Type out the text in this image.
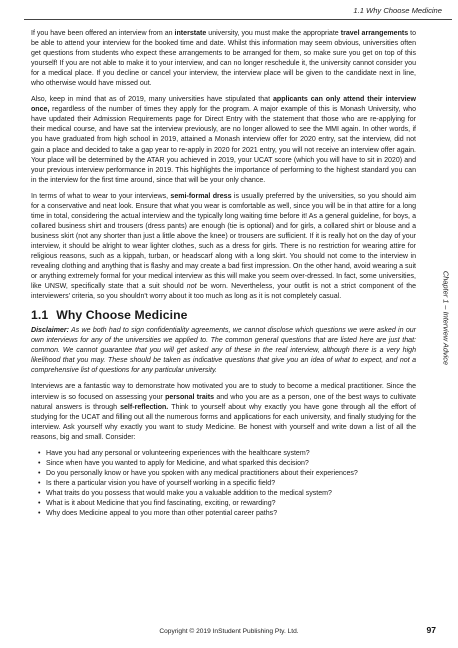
1.1 Why Choose Medicine

If you have been offered an interview from an interstate university, you must make the appropriate travel arrangements to be able to attend your interview for the booked time and date. Whilst this information may seem obvious, universities often get questions from students who expect these arrangements to be arranged for them, so make sure you get on top of this yourself! If you are not able to make it to your interview, and can no longer reschedule it, the university cannot consider you for a medical place. If you decline or cancel your interview, the interview place will be given to the candidate next in line, who otherwise would have missed out.

Also, keep in mind that as of 2019, many universities have stipulated that applicants can only attend their interview once, regardless of the number of times they apply for the program. A major example of this is Monash University, who have updated their Admission Requirements page for Direct Entry with the statement that those who are re-applying for their medical course, and have sat the interview previously, are no longer allowed to see the MMI again. In other words, if you have graduated from high school in 2019, attained a Monash interview offer for 2020 entry, sat the interview, did not gain a place and decided to take a gap year to re-apply in 2020 for 2021 entry, you will not receive an interview offer again. Your place will be determined by the ATAR you achieved in 2019, your UCAT score (which you will have to sit in 2020) and your previous interview performance in 2019. This highlights the importance of performing to the highest standard you can in the interview for the first time around, since that will be your only chance.

In terms of what to wear to your interviews, semi-formal dress is usually preferred by the universities, so you should aim for a conservative and neat look. Ensure that what you wear is comfortable as well, since you will be in that attire for a long time in total, considering the actual interview and the typically long waiting time before it! As a general guideline, for boys, a collared business shirt and trousers (dress pants) are enough (tie is optional) and for girls, a collared shirt or blouse and a business skirt (not any shorter than just a little above the knee) or trousers are sufficient. If it is really hot on the day of your interview, it should be alright to wear lighter clothes, such as a dress for girls. There is no restriction for wearing attire for religious reasons, such as a kippah, turban, or headscarf along with a long skirt. You should not come to the interview in revealing clothing and anything that is flashy and may create a bad first impression. On the other hand, avoid wearing a suit or anything extremely formal for your medical interview as this will make you seem over-dressed. In fact, some universities, like UNSW, specifically state that a suit should not be worn. Nevertheless, your outfit is not a strict component of the interviewers' criteria, so you shouldn't worry about it too much as long as it is not completely casual.

1.1 Why Choose Medicine

Disclaimer: As we both had to sign confidentiality agreements, we cannot disclose which questions we were asked in our own interviews for any of the universities we applied to. The common general questions that are listed here are just that: common. We cannot guarantee that you will get asked any of these in the real interview, although there is a very high likelihood that you may. These should be taken as indicative questions that give you an idea of what to expect, and not a comprehensive list of questions for any particular university.

Interviews are a fantastic way to demonstrate how motivated you are to study to become a medical practitioner. Since the interview is so focused on assessing your personal traits and who you are as a person, one of the best ways to cultivate natural answers is through self-reflection. Think to yourself about why exactly you have gone through all the effort of studying for the UCAT and filling out all the numerous forms and applications for each university, and finally studying for the interview. Ask yourself why exactly you want to study Medicine. Be honest with yourself and write down a list of all the reasons, big and small. Consider:

• Have you had any personal or volunteering experiences with the healthcare system?
• Since when have you wanted to apply for Medicine, and what sparked this decision?
• Do you personally know or have you spoken with any medical practitioners about their experiences?
• Is there a particular vision you have of yourself working in a specific field?
• What traits do you possess that would make you a valuable addition to the medical system?
• What is it about Medicine that you find fascinating, exciting, or rewarding?
• Why does Medicine appeal to you more than other potential career paths?
Chapter 1 – Interview Advice
Copyright © 2019 InStudent Publishing Pty. Ltd.	97
